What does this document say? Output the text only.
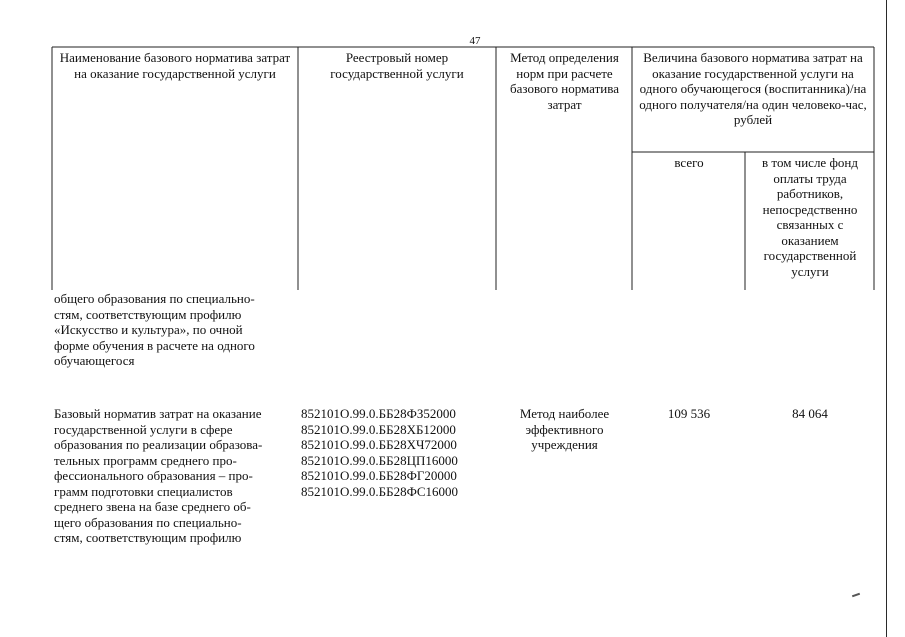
47
Наименование базового норматива затрат на оказание государственной услуги
Реестровый номер государственной услуги
Метод определения норм при расчете базового норматива затрат
Величина базового норматива затрат на оказание государственной услуги на одного обучающегося (воспитанника)/на одного получателя/на один человеко-час, рублей
всего	в том числе фонд оплаты труда работников, непосредственно связанных с оказанием государственной услуги
общего образования по специально-
стям, соответствующим профилю
«Искусство и культура», по очной
форме обучения в расчете на одного
обучающегося
Базовый норматив затрат на оказание
государственной услуги в сфере
образования по реализации образова-
тельных программ среднего про-
фессионального образования – про-
грамм подготовки специалистов
среднего звена на базе среднего об-
щего образования по специально-
стям, соответствующим профилю
852101О.99.0.ББ28ФЗ52000
852101О.99.0.ББ28ХБ12000
852101О.99.0.ББ28ХЧ72000
852101О.99.0.ББ28ЦП16000
852101О.99.0.ББ28ФГ20000
852101О.99.0.ББ28ФС16000
Метод наиболее эффективного учреждения
109 536	84 064
